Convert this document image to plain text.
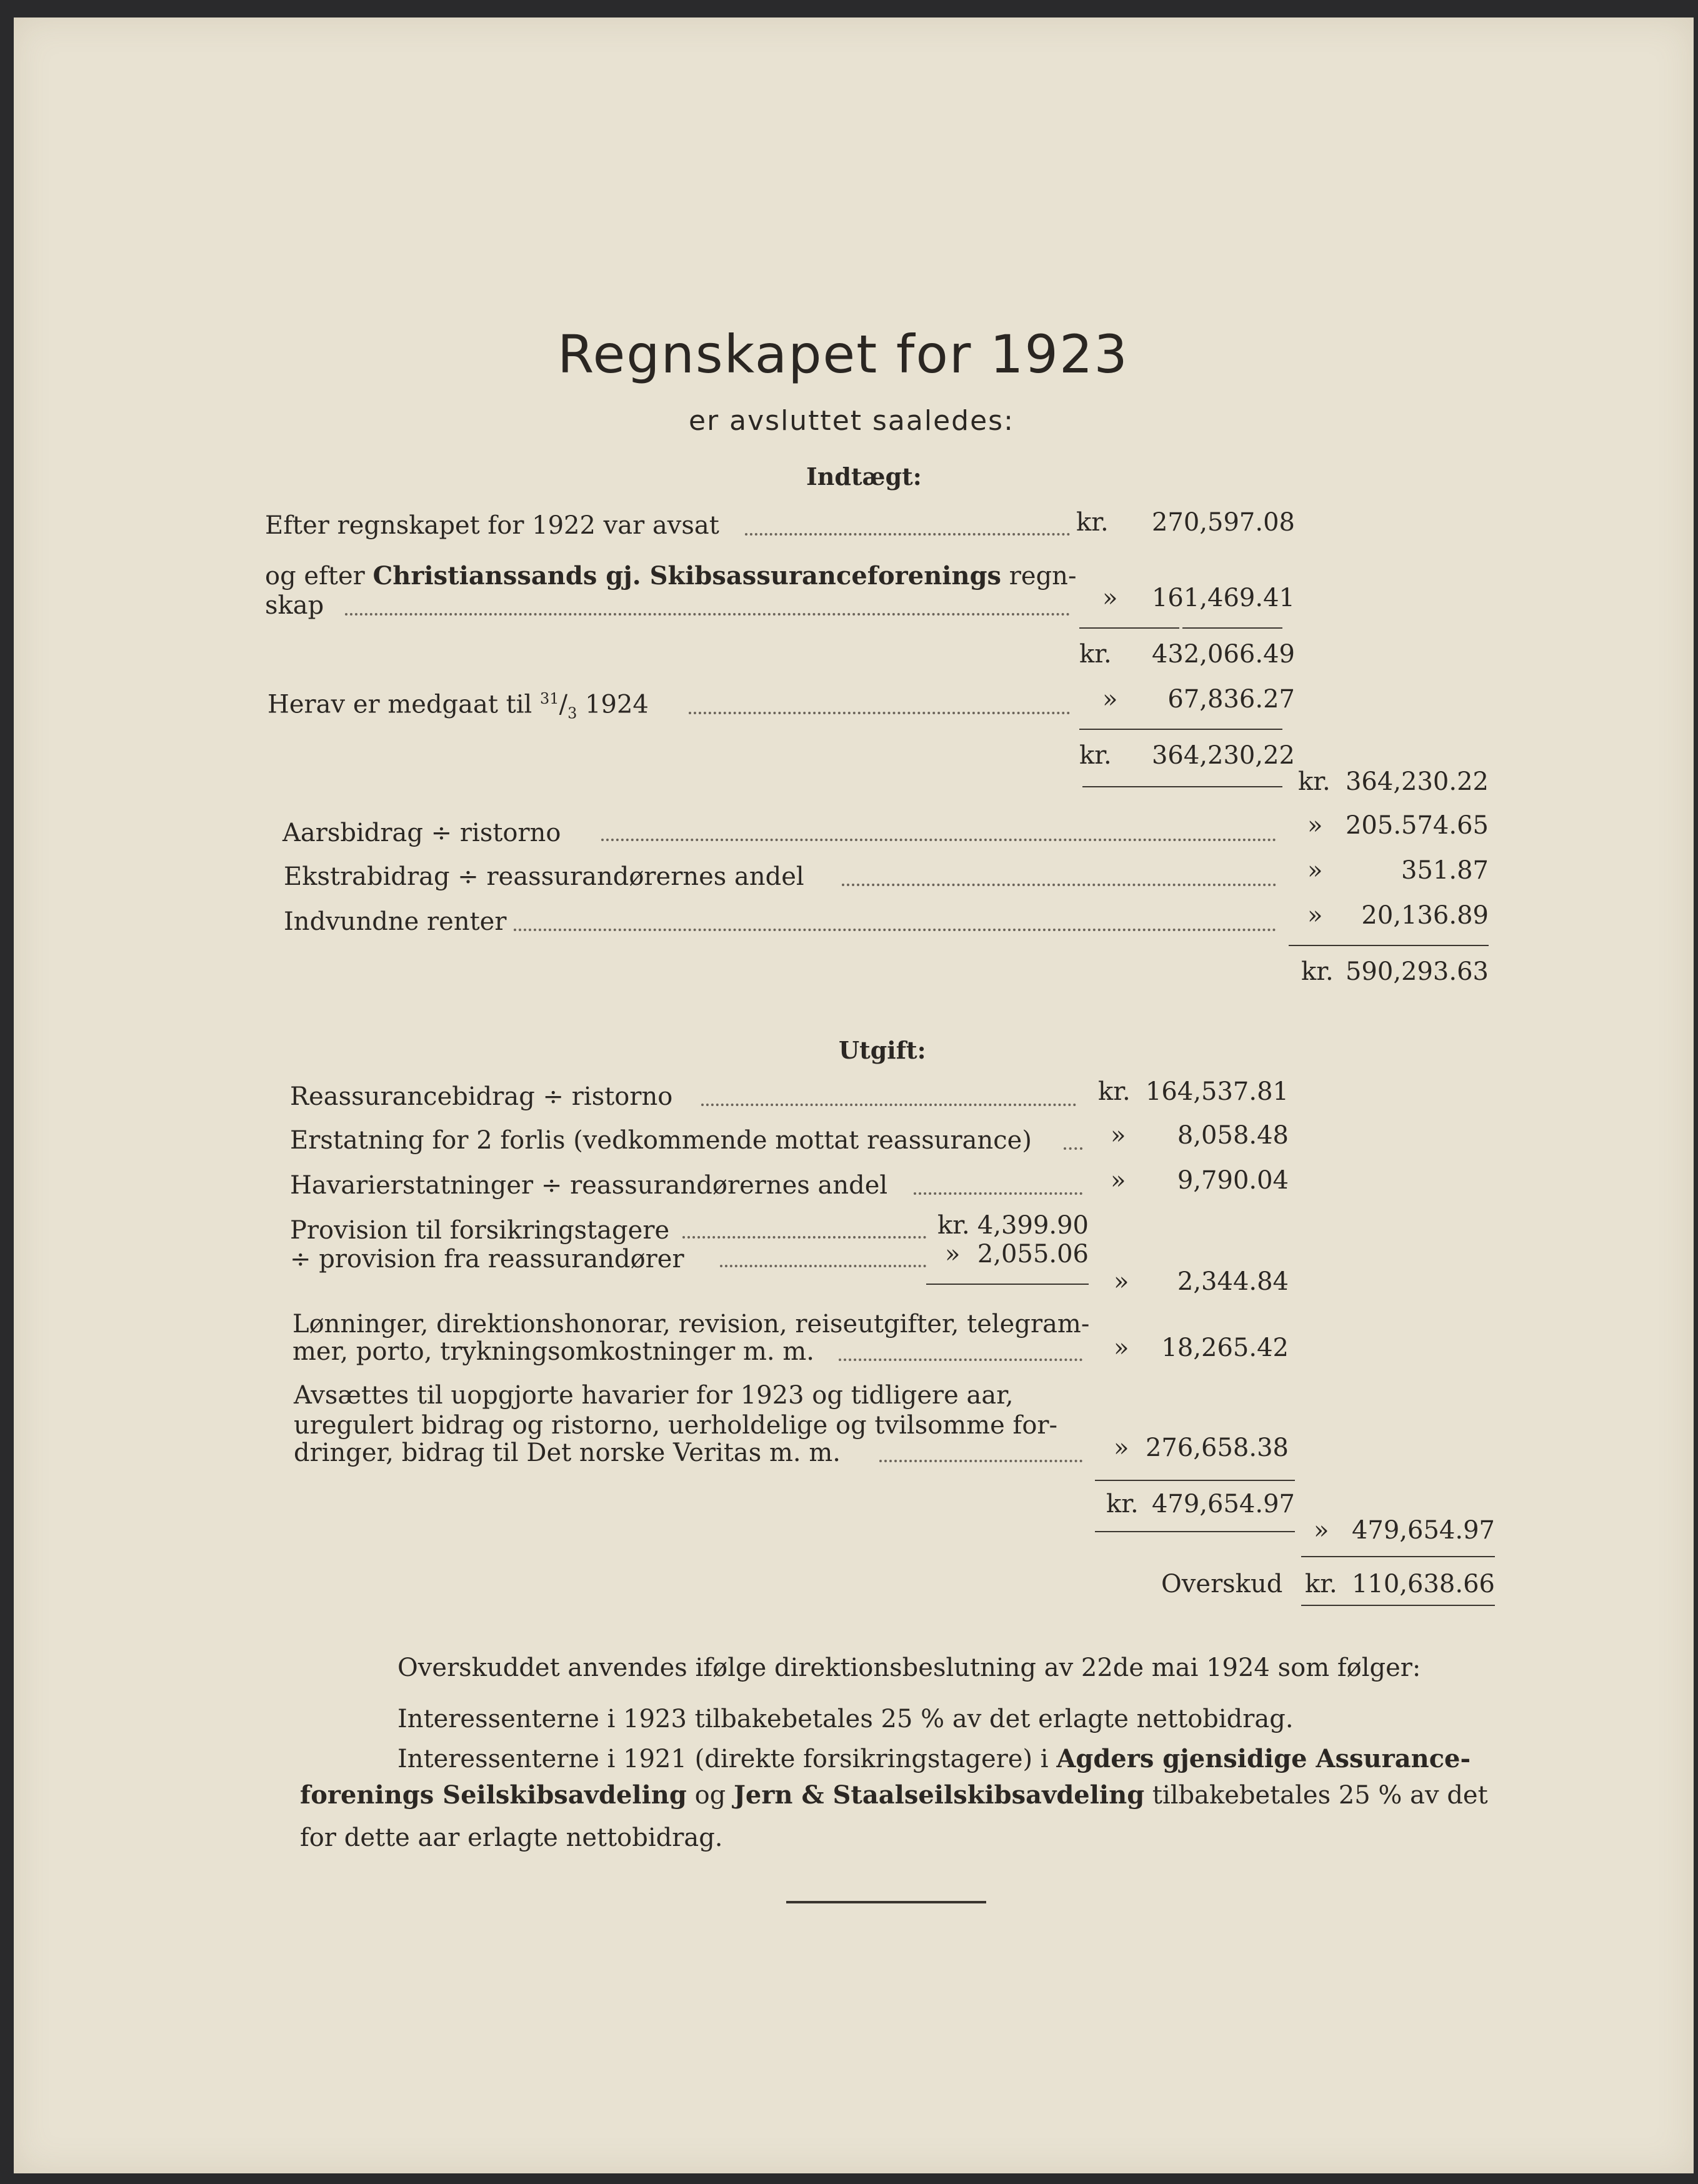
Regnskapet for 1923
er avsluttet saaledes:
Indtægt:
Efter regnskapet for 1922 var avsat	kr. 270,597.08
og efter Christianssands gj. Skibsassuranceforenings regn-
skap	» 161,469.41
kr. 432,066.49
Herav er medgaat til $^{31}/_3$ 1924	»	67,836.27
kr. 364,230,22
kr. 364,230.22
Aarsbidrag ÷ ristorno	» 205.574.65
Ekstrabidrag ÷ reassurandørernes andel	»	351.87
Indvundne renter	»	20,136.89
kr. 590,293.63
Utgift:
Reassurancebidrag ÷ ristorno	kr. 164,537.81
Erstatning for 2 forlis (vedkommende mottat reassurance)	»	8,058.48
Havarierstatninger ÷ reassurandørernes andel	»	9,790.04
Provision til forsikringstagere	kr. 4,399.90
÷ provision fra reassurandører	» 2,055.06
»	2,344.84
Lønninger, direktionshonorar, revision, reiseutgifter, telegram-
mer, porto, trykningsomkostninger m. m.	»	18,265.42
Avsættes til uopgjorte havarier for 1923 og tidligere aar,
uregulert bidrag og ristorno, uerholdelige og tvilsomme for-
dringer, bidrag til Det norske Veritas m. m.	» 276,658.38
kr. 479,654.97
» 479,654.97
Overskud kr. 110,638.66
Overskuddet anvendes ifølge direktionsbeslutning av 22de mai 1924 som følger:
Interessenterne i 1923 tilbakebetales 25 % av det erlagte nettobidrag.
Interessenterne i 1921 (direkte forsikringstagere) i Agders gjensidige Assurance-
forenings Seilskibsavdeling og Jern & Staalseilskibsavdeling tilbakebetales 25 % av det
for dette aar erlagte nettobidrag.
